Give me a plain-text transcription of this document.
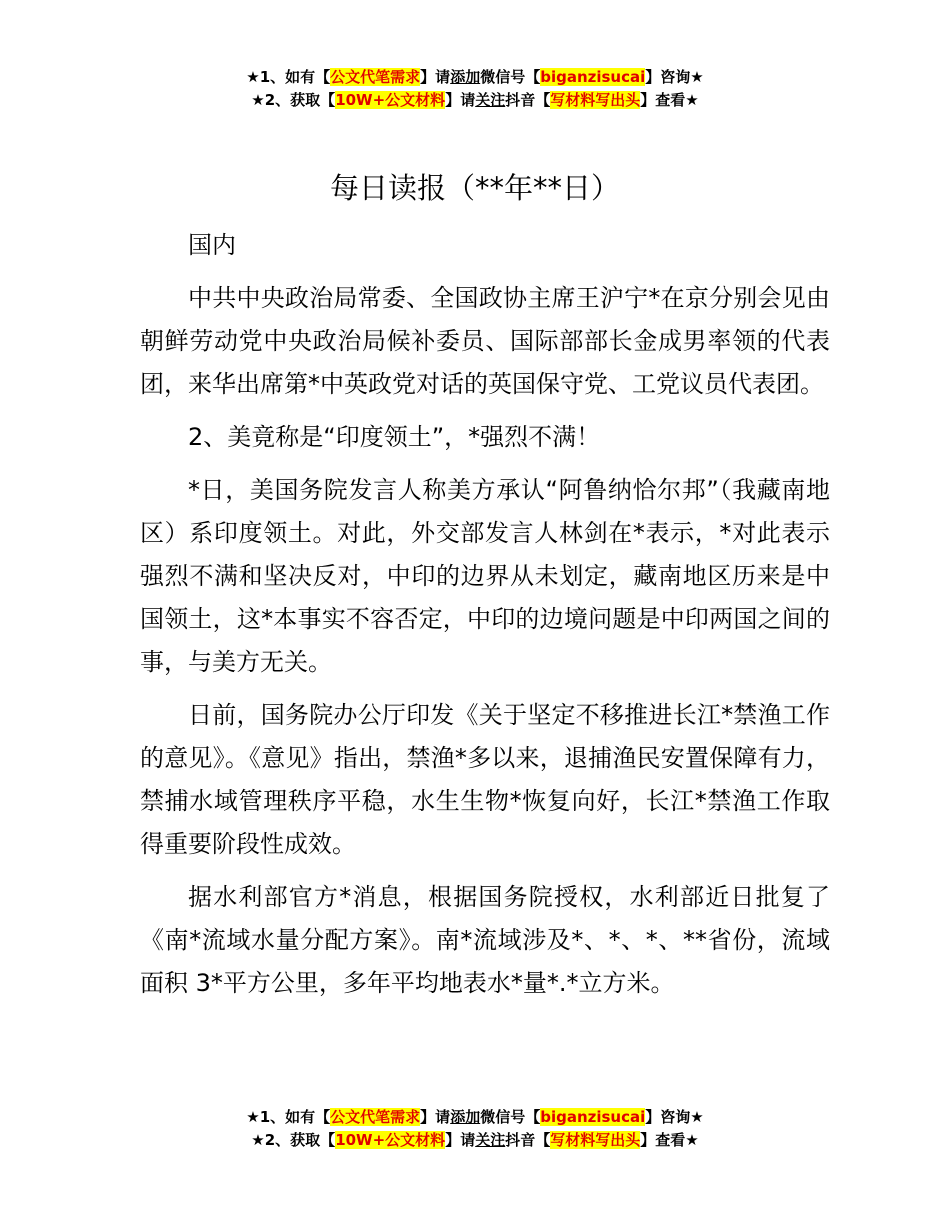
★1、如有【公文代笔需求】请添加微信号【biganzisucai】咨询★
★2、获取【10W+公文材料】请关注抖音【写材料写出头】查看★
每日读报（**年**日）

国内

中共中央政治局常委、全国政协主席王沪宁*在京分别会见由朝鲜劳动党中央政治局候补委员、国际部部长金成男率领的代表团，来华出席第*中英政党对话的英国保守党、工党议员代表团。

2、美竟称是“印度领土”，*强烈不满！

*日，美国务院发言人称美方承认“阿鲁纳恰尔邦”（我藏南地区）系印度领土。对此，外交部发言人林剑在*表示，*对此表示强烈不满和坚决反对，中印的边界从未划定，藏南地区历来是中国领土，这*本事实不容否定，中印的边境问题是中印两国之间的事，与美方无关。

日前，国务院办公厅印发《关于坚定不移推进长江*禁渔工作的意见》。《意见》指出，禁渔*多以来，退捕渔民安置保障有力，禁捕水域管理秩序平稳，水生生物*恢复向好，长江*禁渔工作取得重要阶段性成效。

据水利部官方*消息，根据国务院授权，水利部近日批复了《南*流域水量分配方案》。南*流域涉及*、*、*、**省份，流域面积 3*平方公里，多年平均地表水*量*.*立方米。

★1、如有【公文代笔需求】请添加微信号【biganzisucai】咨询★
★2、获取【10W+公文材料】请关注抖音【写材料写出头】查看★
